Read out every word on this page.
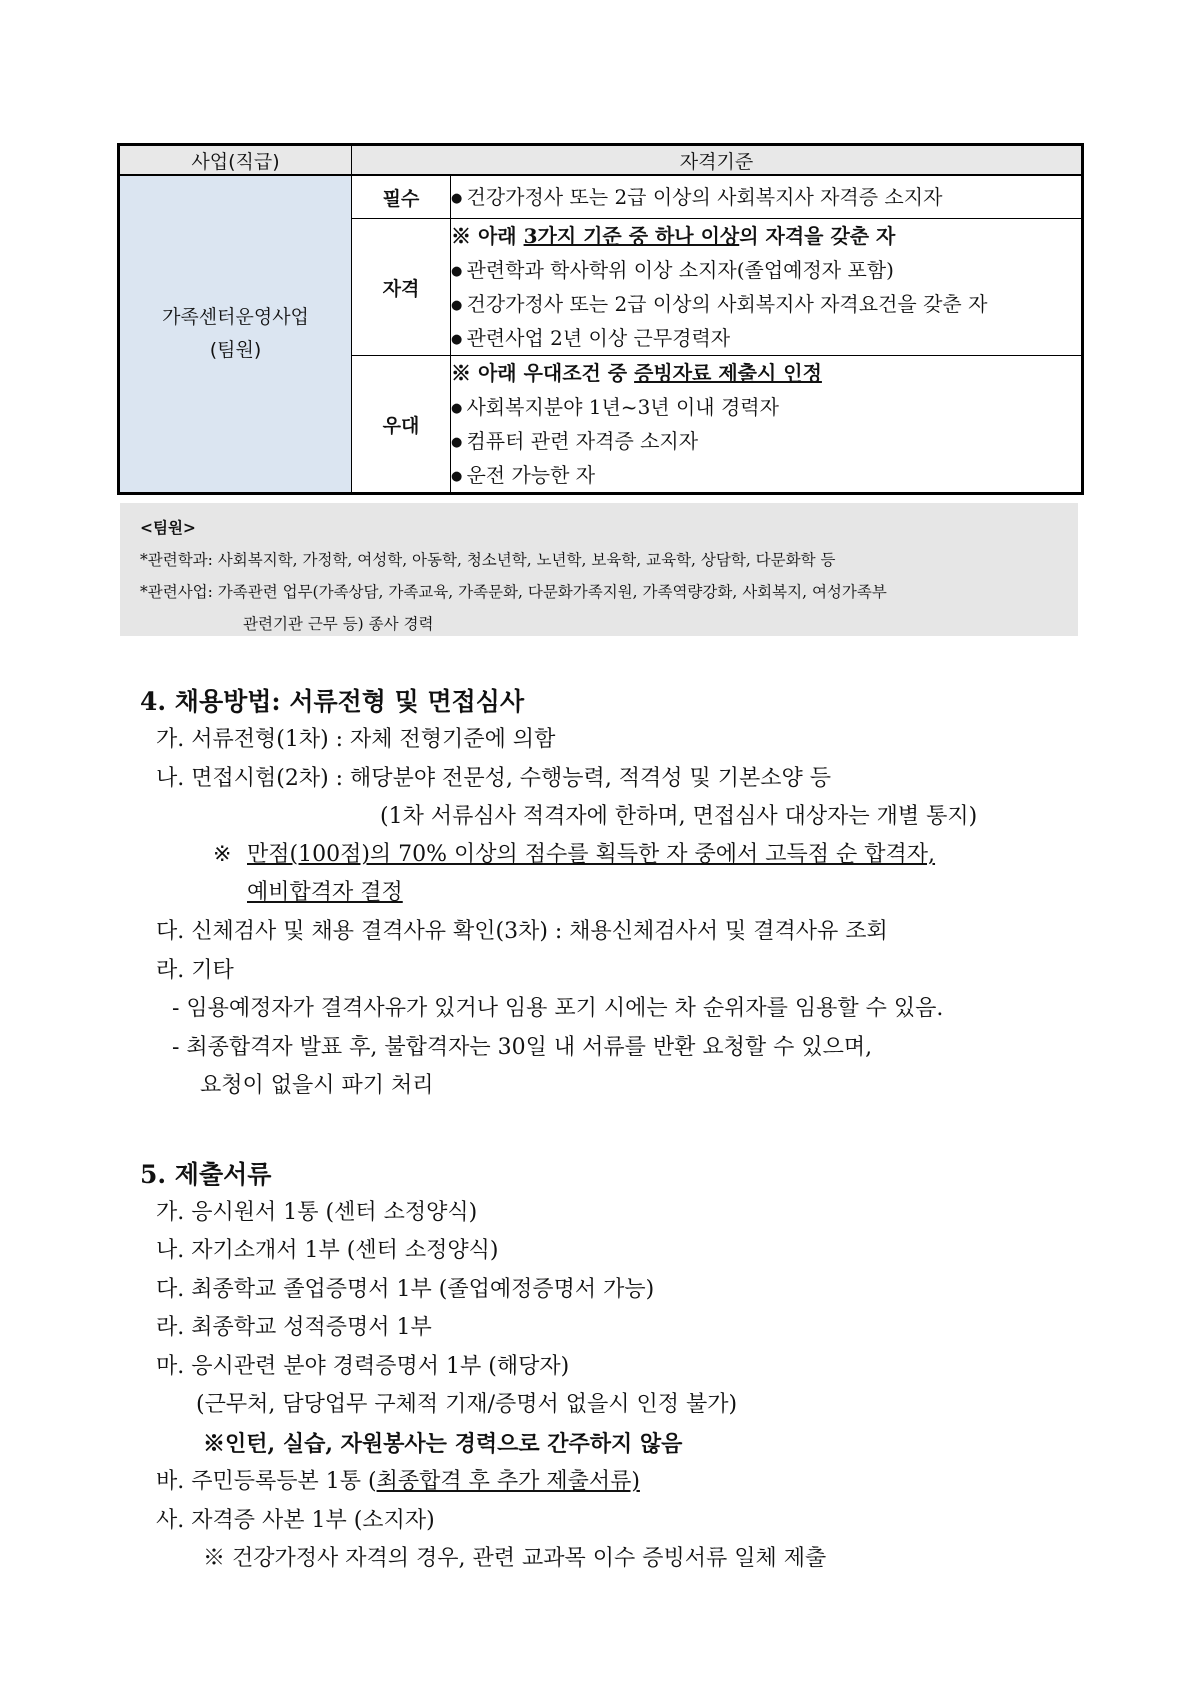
사업(직급)	자격기준	

가족센터운영사업
(팀원)	필수	● 건강가정사 또는 2급 이상의 사회복지사 자격증 소지자

	자격	※ 아래 3가지 기준 중 하나 이상의 자격을 갖춘 자
● 관련학과 학사학위 이상 소지자(졸업예정자 포함)
● 건강가정사 또는 2급 이상의 사회복지사 자격요건을 갖춘 자
● 관련사업 2년 이상 근무경력자

	우대	※ 아래 우대조건 중 증빙자료 제출시 인정
● 사회복지분야 1년~3년 이내 경력자
● 컴퓨터 관련 자격증 소지자
● 운전 가능한 자
<팀원>
*관련학과: 사회복지학, 가정학, 여성학, 아동학, 청소년학, 노년학, 보육학, 교육학, 상담학, 다문화학 등
*관련사업: 가족관련 업무(가족상담, 가족교육, 가족문화, 다문화가족지원, 가족역량강화, 사회복지, 여성가족부
관련기관 근무 등) 종사 경력
4. 채용방법: 서류전형 및 면접심사
가. 서류전형(1차) : 자체 전형기준에 의함
나. 면접시험(2차) : 해당분야 전문성, 수행능력, 적격성 및 기본소양 등
(1차 서류심사 적격자에 한하며, 면접심사 대상자는 개별 통지)
※ 만점(100점)의 70% 이상의 점수를 획득한 자 중에서 고득점 순 합격자,
예비합격자 결정
다. 신체검사 및 채용 결격사유 확인(3차) : 채용신체검사서 및 결격사유 조회
라. 기타
- 임용예정자가 결격사유가 있거나 임용 포기 시에는 차 순위자를 임용할 수 있음.
- 최종합격자 발표 후, 불합격자는 30일 내 서류를 반환 요청할 수 있으며,
요청이 없을시 파기 처리
5. 제출서류
가. 응시원서 1통 (센터 소정양식)
나. 자기소개서 1부 (센터 소정양식)
다. 최종학교 졸업증명서 1부 (졸업예정증명서 가능)
라. 최종학교 성적증명서 1부
마. 응시관련 분야 경력증명서 1부 (해당자)
(근무처, 담당업무 구체적 기재/증명서 없을시 인정 불가)
※인턴, 실습, 자원봉사는 경력으로 간주하지 않음
바. 주민등록등본 1통 (최종합격 후 추가 제출서류)
사. 자격증 사본 1부 (소지자)
※ 건강가정사 자격의 경우, 관련 교과목 이수 증빙서류 일체 제출
